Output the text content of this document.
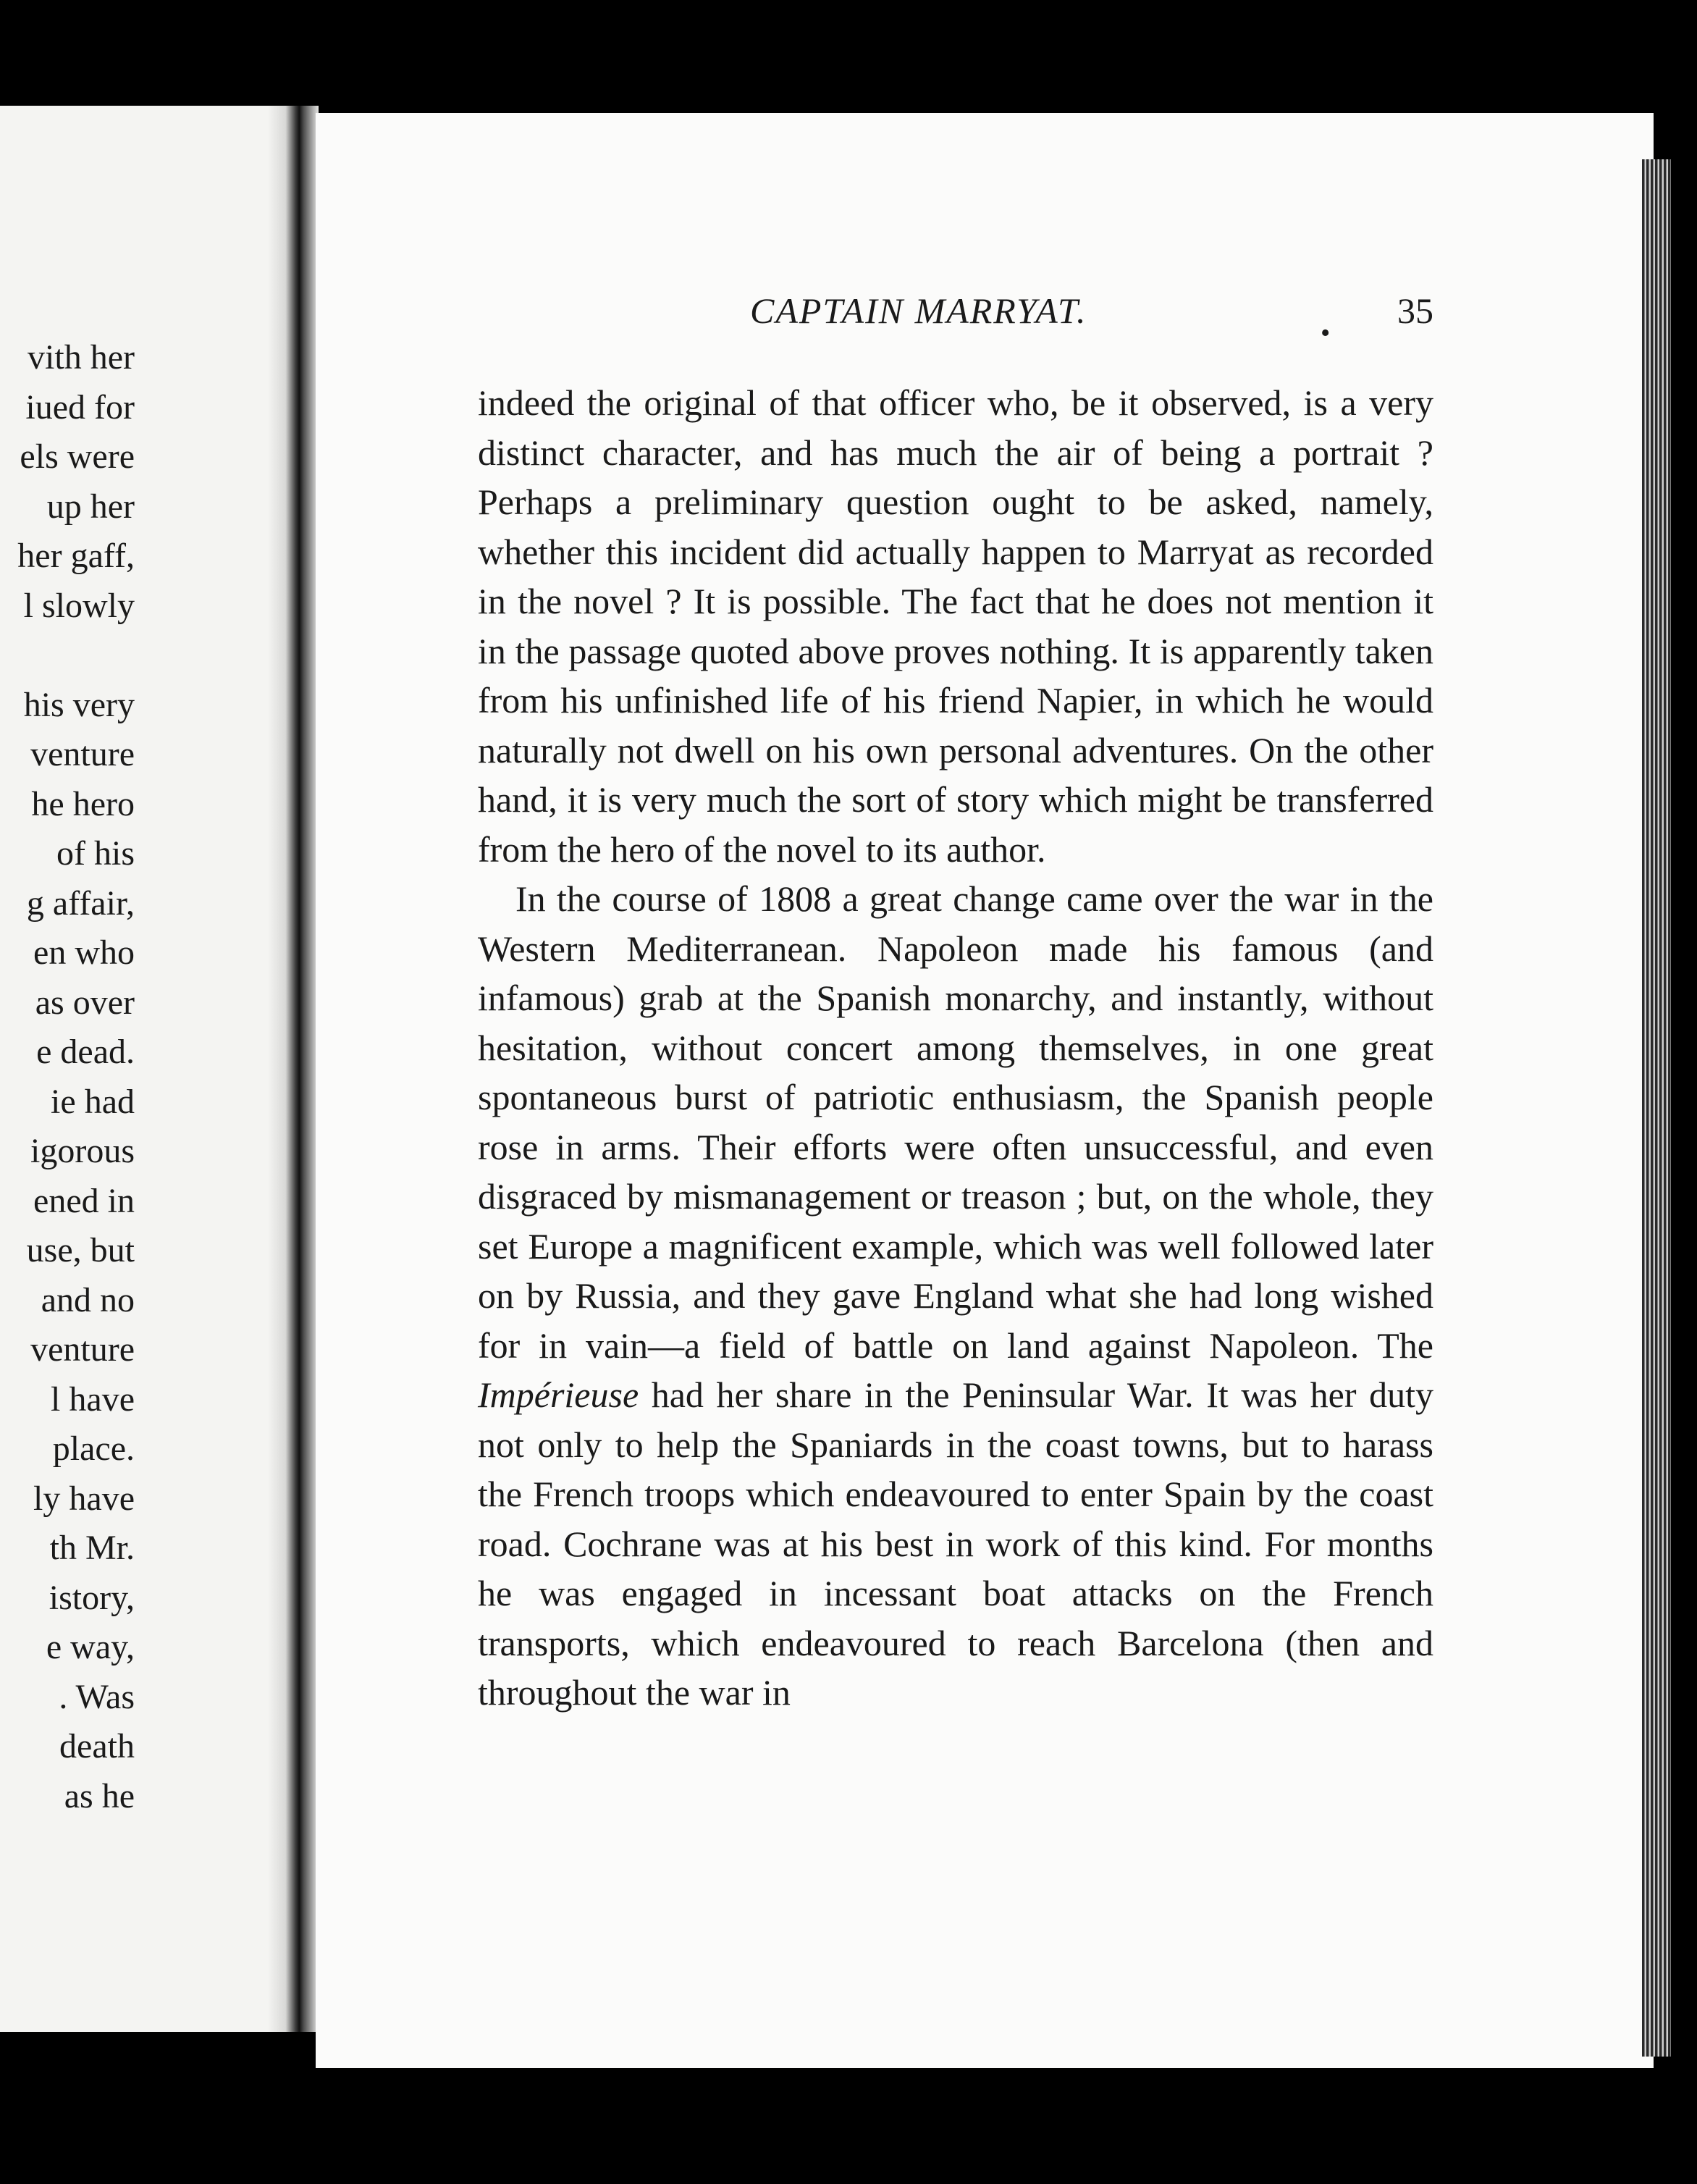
vith her
iued for
els were
up her
her gaff,
l slowly
his very
venture
he hero
of his
g affair,
en who
as over
e dead.
ie had
igorous
ened in
use, but
and no
venture
l have
place.
ly have
th Mr.
istory,
e way,
. Was
death
as he
CAPTAIN MARRYAT.
•
35

indeed the original of that officer who, be it observed, is a very distinct character, and has much the air of being a portrait ? Perhaps a preliminary question ought to be asked, namely, whether this incident did actually happen to Marryat as recorded in the novel ? It is possible. The fact that he does not mention it in the passage quoted above proves nothing. It is apparently taken from his unfinished life of his friend Napier, in which he would naturally not dwell on his own personal adventures. On the other hand, it is very much the sort of story which might be transferred from the hero of the novel to its author.

In the course of 1808 a great change came over the war in the Western Mediterranean. Napoleon made his famous (and infamous) grab at the Spanish monarchy, and instantly, without hesitation, without concert among themselves, in one great spontaneous burst of patriotic enthusiasm, the Spanish people rose in arms. Their efforts were often unsuccessful, and even disgraced by mismanagement or treason ; but, on the whole, they set Europe a magnificent example, which was well followed later on by Russia, and they gave England what she had long wished for in vain—a field of battle on land against Napoleon. The Impérieuse had her share in the Peninsular War. It was her duty not only to help the Spaniards in the coast towns, but to harass the French troops which endeavoured to enter Spain by the coast road. Cochrane was at his best in work of this kind. For months he was engaged in incessant boat attacks on the French transports, which endeavoured to reach Barcelona (then and throughout the war in
